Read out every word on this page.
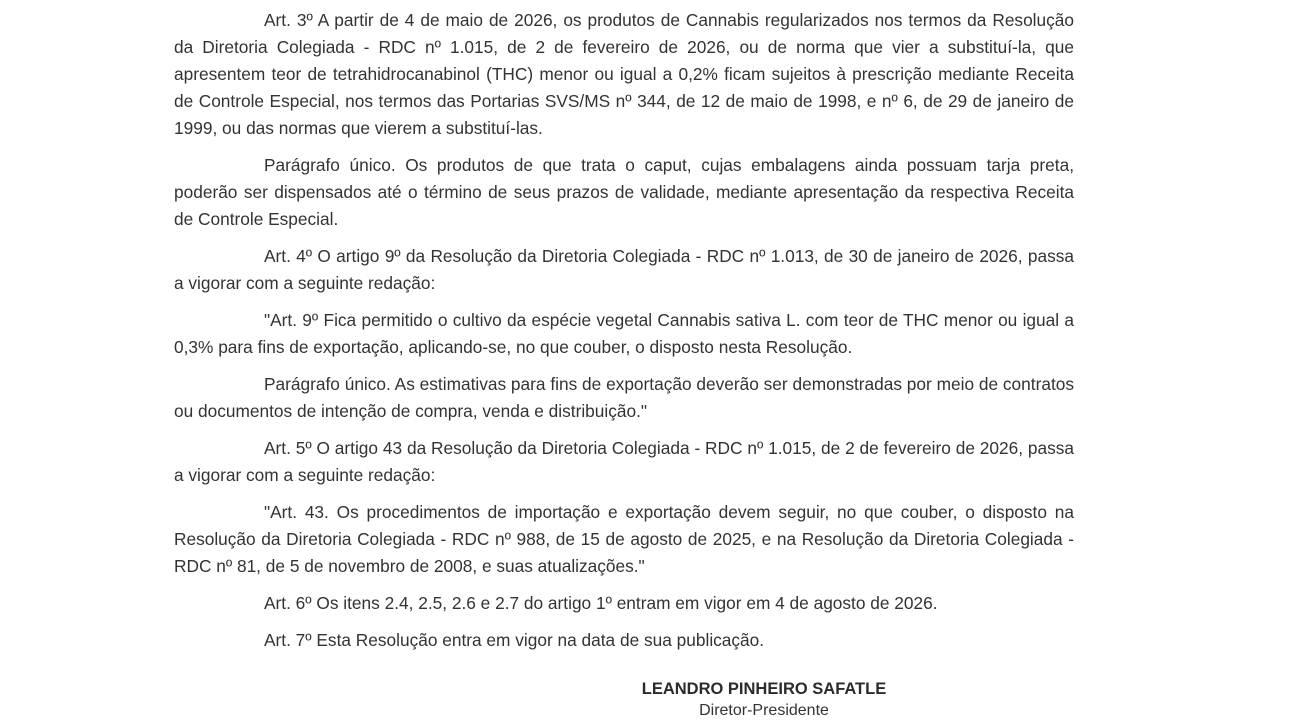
Art. 3º A partir de 4 de maio de 2026, os produtos de Cannabis regularizados nos termos da Resolução da Diretoria Colegiada - RDC nº 1.015, de 2 de fevereiro de 2026, ou de norma que vier a substituí-la, que apresentem teor de tetrahidrocanabinol (THC) menor ou igual a 0,2% ficam sujeitos à prescrição mediante Receita de Controle Especial, nos termos das Portarias SVS/MS nº 344, de 12 de maio de 1998, e nº 6, de 29 de janeiro de 1999, ou das normas que vierem a substituí-las.

Parágrafo único. Os produtos de que trata o caput, cujas embalagens ainda possuam tarja preta, poderão ser dispensados até o término de seus prazos de validade, mediante apresentação da respectiva Receita de Controle Especial.

Art. 4º O artigo 9º da Resolução da Diretoria Colegiada - RDC nº 1.013, de 30 de janeiro de 2026, passa a vigorar com a seguinte redação:

"Art. 9º Fica permitido o cultivo da espécie vegetal Cannabis sativa L. com teor de THC menor ou igual a 0,3% para fins de exportação, aplicando-se, no que couber, o disposto nesta Resolução.

Parágrafo único. As estimativas para fins de exportação deverão ser demonstradas por meio de contratos ou documentos de intenção de compra, venda e distribuição."

Art. 5º O artigo 43 da Resolução da Diretoria Colegiada - RDC nº 1.015, de 2 de fevereiro de 2026, passa a vigorar com a seguinte redação:

"Art. 43. Os procedimentos de importação e exportação devem seguir, no que couber, o disposto na Resolução da Diretoria Colegiada - RDC nº 988, de 15 de agosto de 2025, e na Resolução da Diretoria Colegiada - RDC nº 81, de 5 de novembro de 2008, e suas atualizações."

Art. 6º Os itens 2.4, 2.5, 2.6 e 2.7 do artigo 1º entram em vigor em 4 de agosto de 2026.

Art. 7º Esta Resolução entra em vigor na data de sua publicação.

LEANDRO PINHEIRO SAFATLE
Diretor-Presidente
